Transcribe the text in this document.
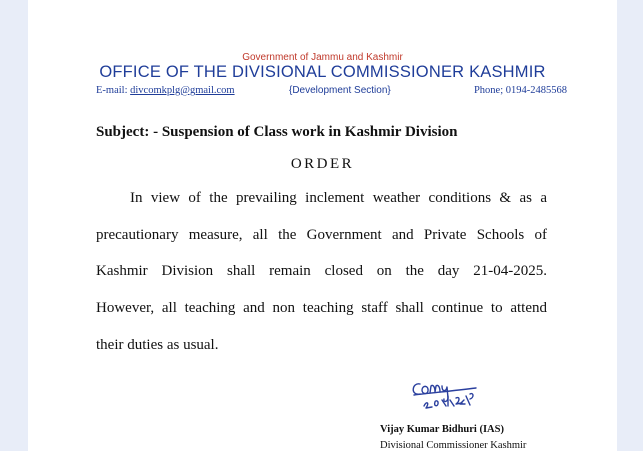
Government of Jammu and Kashmir
OFFICE OF THE DIVISIONAL COMMISSIONER KASHMIR
E-mail: divcomkplg@gmail.com	{Development Section}	Phone; 0194-2485568
Subject: - Suspension of Class work in Kashmir Division
ORDER
In view of the prevailing inclement weather conditions & as a
precautionary measure, all the Government and Private Schools of
Kashmir Division shall remain closed on the day 21-04-2025.
However, all teaching and non teaching staff shall continue to attend
their duties as usual.
Vijay Kumar Bidhuri (IAS)
Divisional Commissioner Kashmir
